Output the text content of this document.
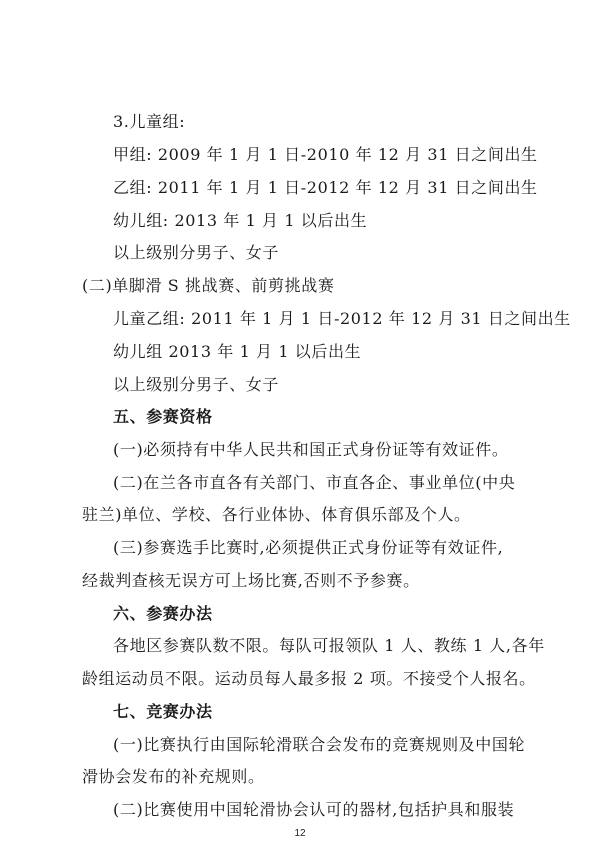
3.儿童组:
甲组: 2009 年 1 月 1 日-2010 年 12 月 31 日之间出生
乙组: 2011 年 1 月 1 日-2012 年 12 月 31 日之间出生
幼儿组: 2013 年 1 月 1 以后出生
以上级别分男子、女子
(二)单脚滑 S 挑战赛、前剪挑战赛
儿童乙组: 2011 年 1 月 1 日-2012 年 12 月 31 日之间出生
幼儿组 2013 年 1 月 1 以后出生
以上级别分男子、女子
五、参赛资格
(一)必须持有中华人民共和国正式身份证等有效证件。
(二)在兰各市直各有关部门、市直各企、事业单位(中央
驻兰)单位、学校、各行业体协、体育俱乐部及个人。
(三)参赛选手比赛时,必须提供正式身份证等有效证件,
经裁判查核无误方可上场比赛,否则不予参赛。
六、参赛办法
各地区参赛队数不限。每队可报领队 1 人、教练 1 人,各年
龄组运动员不限。运动员每人最多报 2 项。不接受个人报名。
七、竞赛办法
(一)比赛执行由国际轮滑联合会发布的竞赛规则及中国轮
滑协会发布的补充规则。
(二)比赛使用中国轮滑协会认可的器材,包括护具和服装
12
